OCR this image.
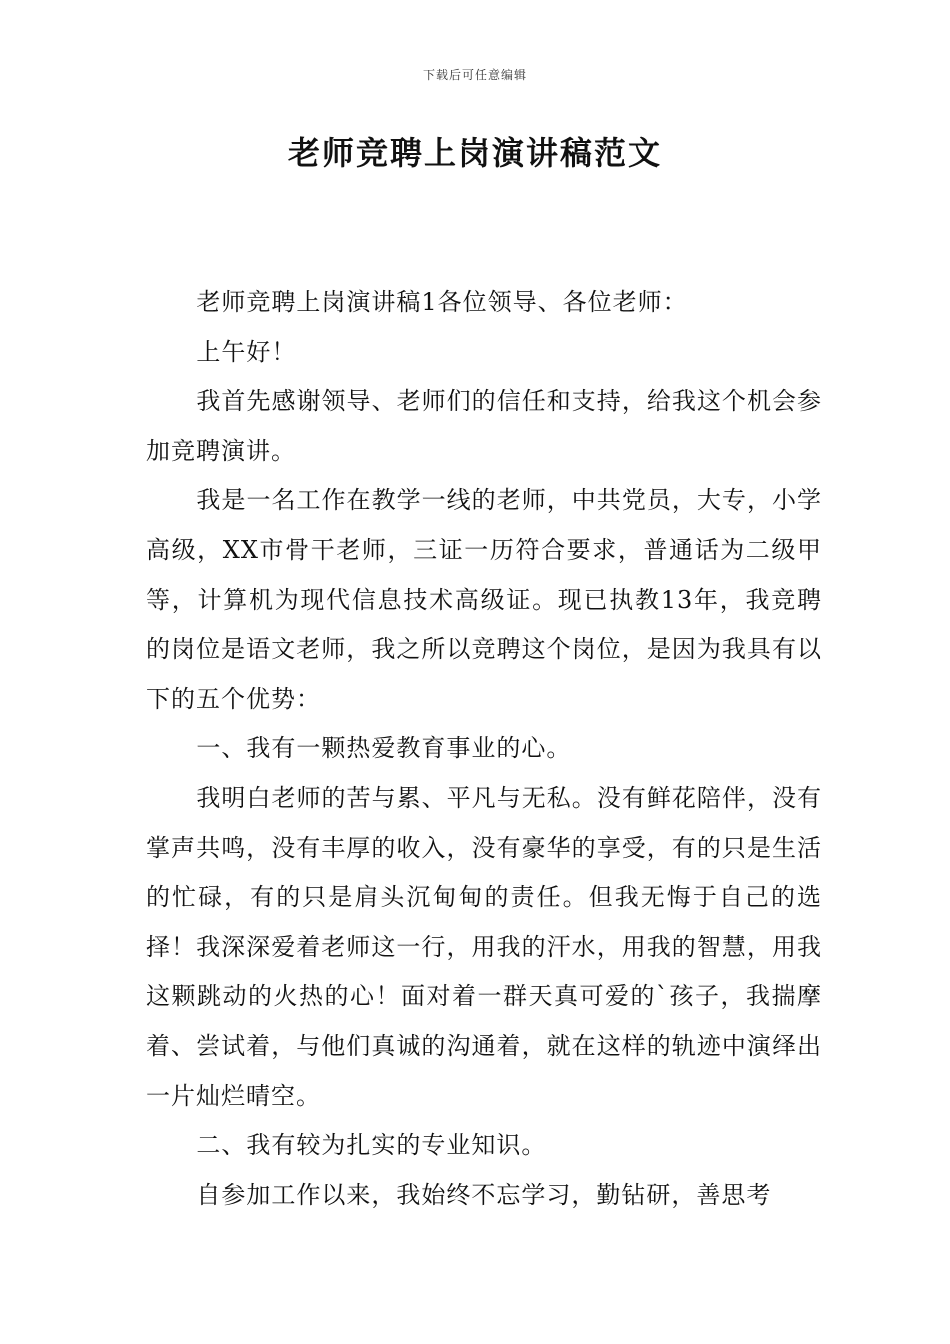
下载后可任意编辑
老师竞聘上岗演讲稿范文

老师竞聘上岗演讲稿1各位领导、各位老师：

上午好！

我首先感谢领导、老师们的信任和支持，给我这个机会参加竞聘演讲。

我是一名工作在教学一线的老师，中共党员，大专，小学高级，XX市骨干老师，三证一历符合要求，普通话为二级甲等，计算机为现代信息技术高级证。现已执教13年，我竞聘的岗位是语文老师，我之所以竞聘这个岗位，是因为我具有以下的五个优势：

一、我有一颗热爱教育事业的心。

我明白老师的苦与累、平凡与无私。没有鲜花陪伴，没有掌声共鸣，没有丰厚的收入，没有豪华的享受，有的只是生活的忙碌，有的只是肩头沉甸甸的责任。但我无悔于自己的选择！我深深爱着老师这一行，用我的汗水，用我的智慧，用我这颗跳动的火热的心！面对着一群天真可爱的`孩子，我揣摩着、尝试着，与他们真诚的沟通着，就在这样的轨迹中演绎出一片灿烂晴空。

二、我有较为扎实的专业知识。

自参加工作以来，我始终不忘学习，勤钻研，善思考
